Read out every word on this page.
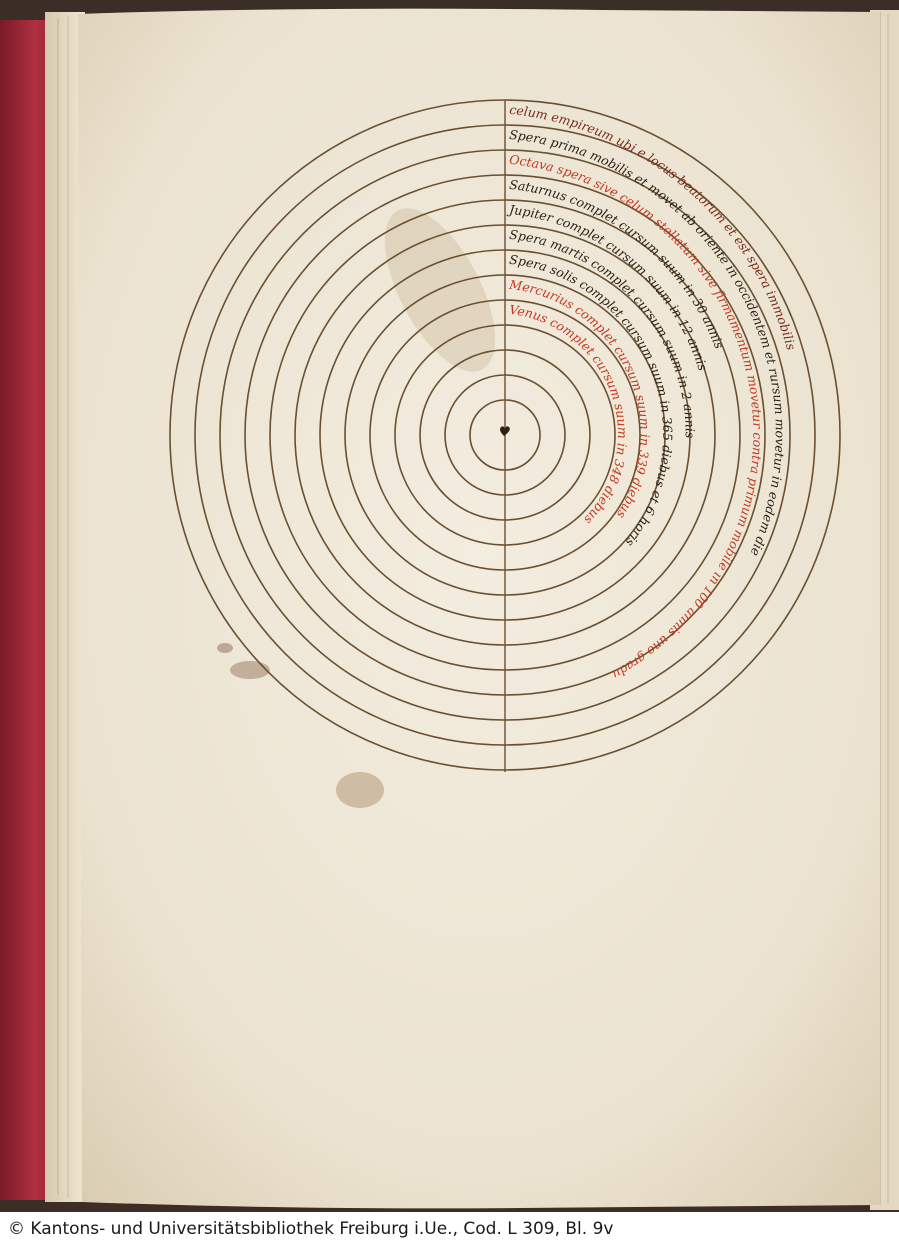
celum empireum ubi e locus beatorum et est spera immobilis
Spera prima mobilis et movet ab oriente in occidentem et rursum movetur in eodem die
Octava spera sive celum stellatum sive firmamentum movetur contra primum mobile in 100 annis uno gradu
Saturnus complet cursum suum in 30 annis
Jupiter complet cursum suum in 12 annis
Spera martis complet cursum suum in 2 annis
Spera solis complet cursum suum in 365 diebus et 6 horis
Mercurius complet cursum suum in 339 diebus
Venus complet cursum suum in 348 diebus
© Kantons- und Universitätsbibliothek Freiburg i.Ue., Cod. L 309, Bl. 9v
